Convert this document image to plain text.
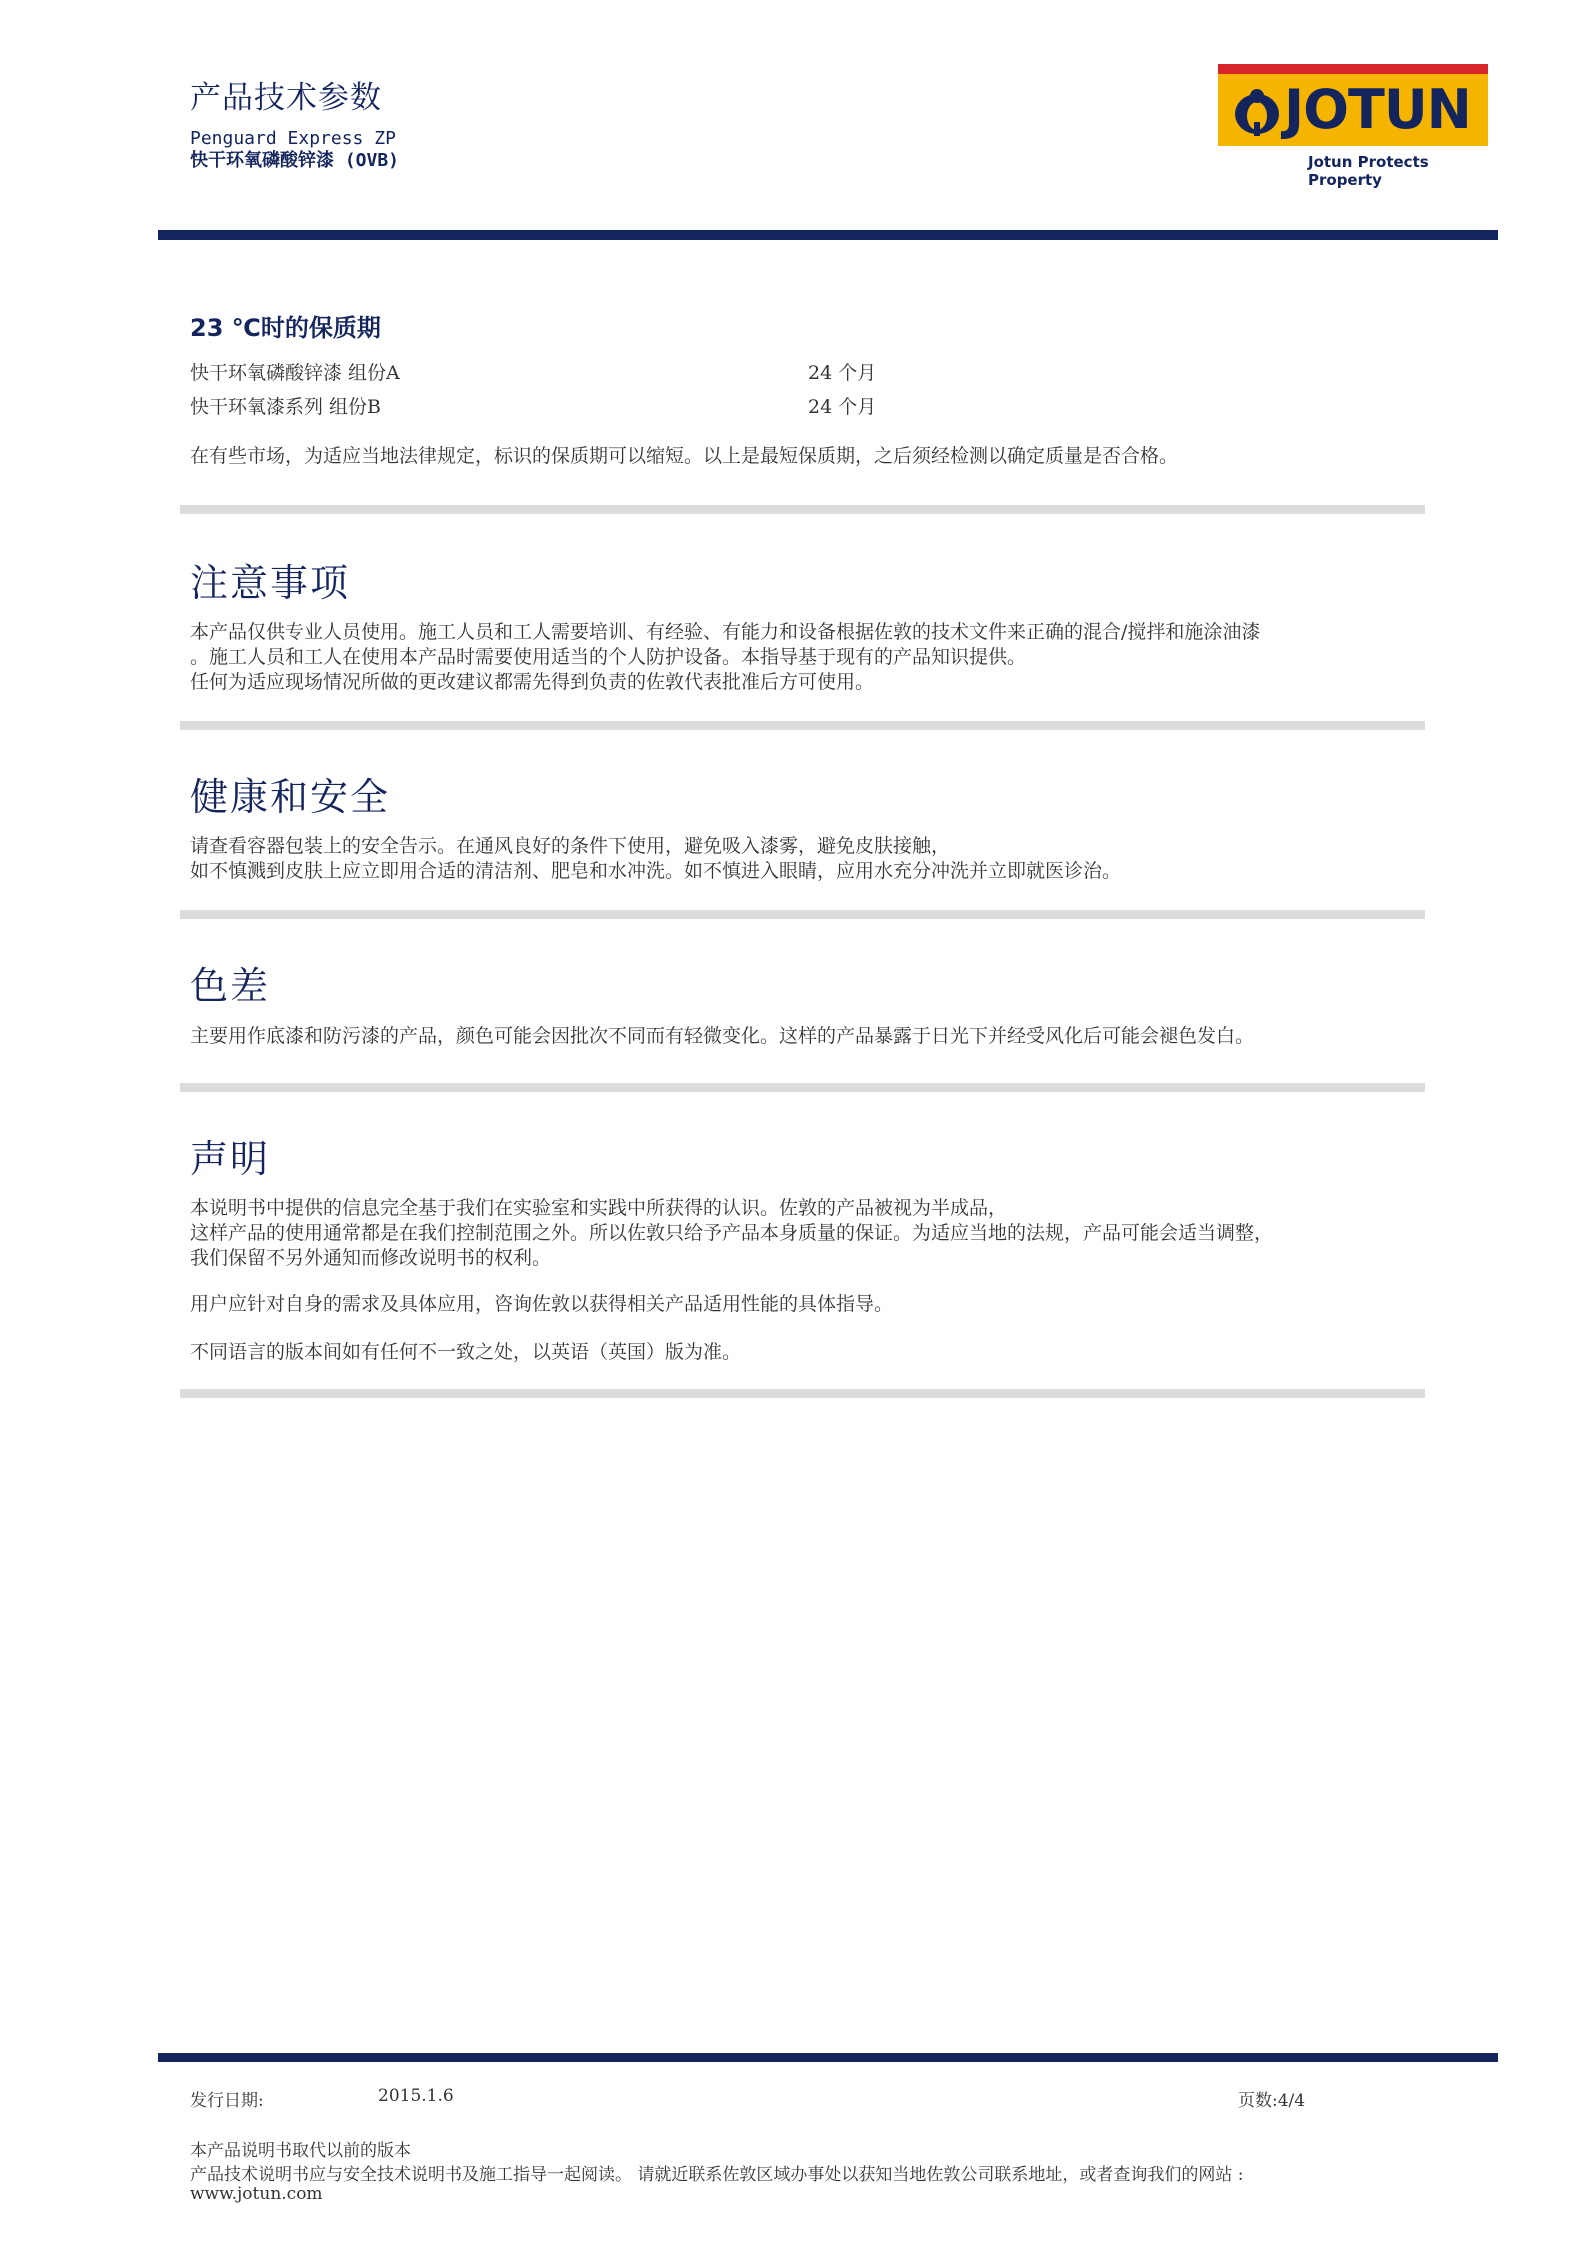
产品技术参数
Penguard Express ZP
快干环氧磷酸锌漆 (OVB)
JOTUN
Jotun Protects Property
23 ℃时的保质期
快干环氧磷酸锌漆 组份A	24 个月
快干环氧漆系列 组份B	24 个月
在有些市场，为适应当地法律规定，标识的保质期可以缩短。以上是最短保质期，之后须经检测以确定质量是否合格。
注意事项
本产品仅供专业人员使用。施工人员和工人需要培训、有经验、有能力和设备根据佐敦的技术文件来正确的混合/搅拌和施涂油漆
。施工人员和工人在使用本产品时需要使用适当的个人防护设备。本指导基于现有的产品知识提供。
任何为适应现场情况所做的更改建议都需先得到负责的佐敦代表批准后方可使用。
健康和安全
请查看容器包装上的安全告示。在通风良好的条件下使用，避免吸入漆雾，避免皮肤接触，
如不慎溅到皮肤上应立即用合适的清洁剂、肥皂和水冲洗。如不慎进入眼睛，应用水充分冲洗并立即就医诊治。
色差
主要用作底漆和防污漆的产品，颜色可能会因批次不同而有轻微变化。这样的产品暴露于日光下并经受风化后可能会褪色发白。
声明
本说明书中提供的信息完全基于我们在实验室和实践中所获得的认识。佐敦的产品被视为半成品，
这样产品的使用通常都是在我们控制范围之外。所以佐敦只给予产品本身质量的保证。为适应当地的法规，产品可能会适当调整，
我们保留不另外通知而修改说明书的权利。
用户应针对自身的需求及具体应用，咨询佐敦以获得相关产品适用性能的具体指导。
不同语言的版本间如有任何不一致之处，以英语（英国）版为准。
发行日期:	2015.1.6	页数:4/4
本产品说明书取代以前的版本
产品技术说明书应与安全技术说明书及施工指导一起阅读。 请就近联系佐敦区域办事处以获知当地佐敦公司联系地址，或者查询我们的网站 :
www.jotun.com
